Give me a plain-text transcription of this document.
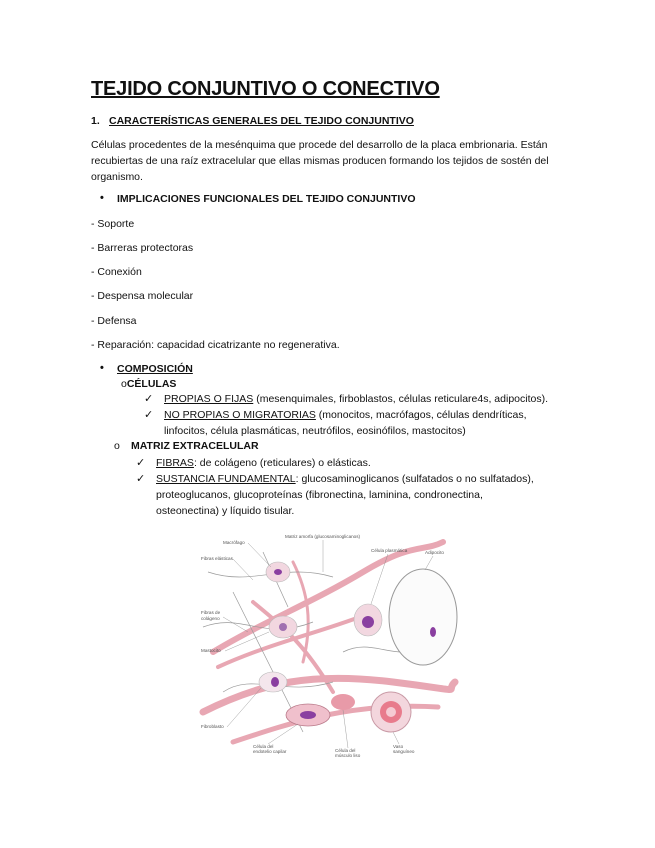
TEJIDO CONJUNTIVO O CONECTIVO
1. CARACTERÍSTICAS GENERALES DEL TEJIDO CONJUNTIVO
Células procedentes de la mesénquima que procede del desarrollo de la placa embrionaria. Están
recubiertas de una raíz extracelular que ellas mismas producen formando los tejidos de sostén del
organismo.
• IMPLICACIONES FUNCIONALES DEL TEJIDO CONJUNTIVO
- Soporte
- Barreras protectoras
- Conexión
- Despensa molecular
- Defensa
- Reparación: capacidad cicatrizante no regenerativa.
• COMPOSICIÓN
oCÉLULAS
✓ PROPIAS O FIJAS (mesenquimales, firboblastos, células reticulare4s, adipocitos).
✓ NO PROPIAS O MIGRATORIAS (monocitos, macrófagos, células dendríticas,
linfocitos, célula plasmáticas, neutrófilos, eosinófilos, mastocitos)
o MATRIZ EXTRACELULAR
✓ FIBRAS: de colágeno (reticulares) o elásticas.
✓ SUSTANCIA FUNDAMENTAL: glucosaminoglicanos (sulfatados o no sulfatados),
proteoglucanos, glucoproteínas (fibronectina, laminina, condronectina,
osteonectina) y líquido tisular.
Macrófago
Fibras elásticas
Matriz amorfa (glucosaminoglicanos)
Célula plasmática	Adipocito
Fibras de
colágeno
Mastocito
Fibroblasto
Célula del
endotelio capilar	Célula del
músculo liso
Vaso
sanguíneo
